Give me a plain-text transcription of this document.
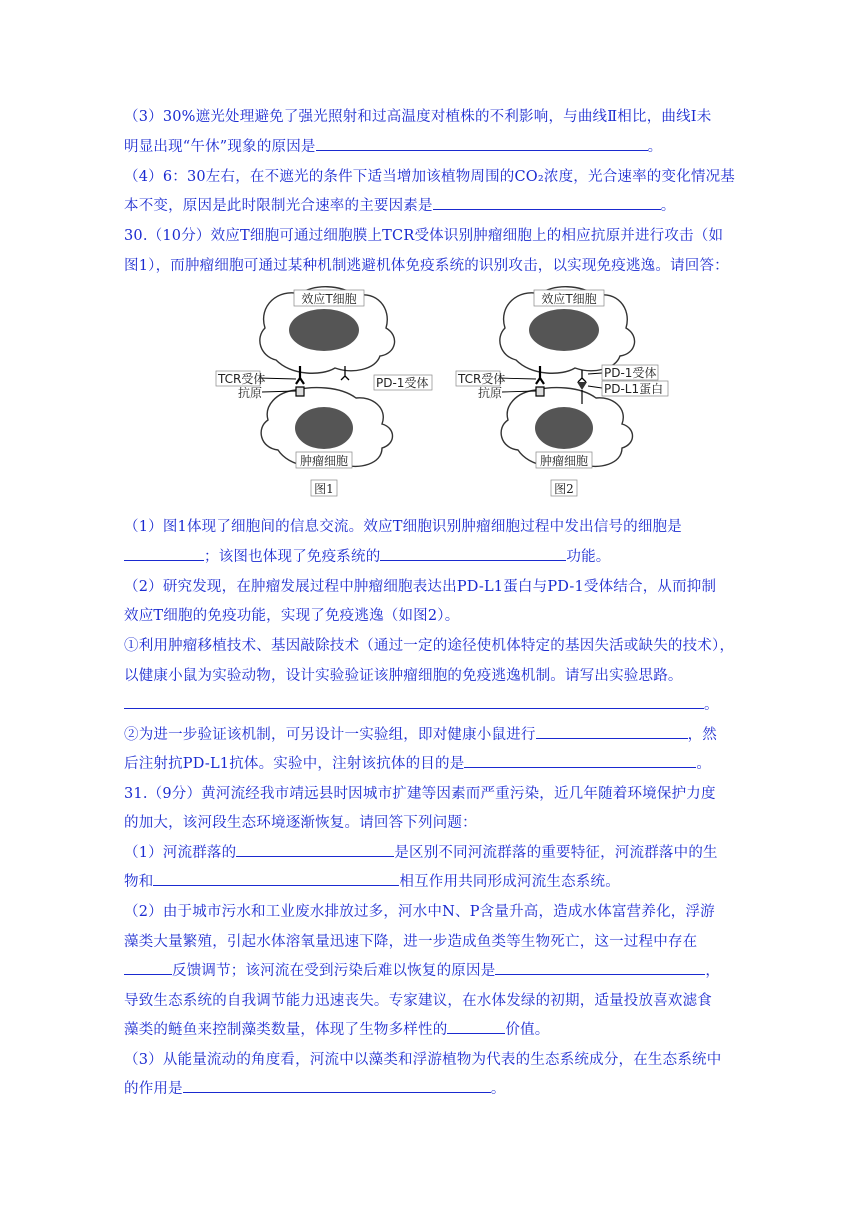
（3）30%遮光处理避免了强光照射和过高温度对植株的不利影响，与曲线Ⅱ相比，曲线Ⅰ未
明显出现“午休”现象的原因是	。
（4）6：30左右，在不遮光的条件下适当增加该植物周围的CO₂浓度，光合速率的变化情况基
本不变，原因是此时限制光合速率的主要因素是	。
30.（10分）效应T细胞可通过细胞膜上TCR受体识别肿瘤细胞上的相应抗原并进行攻击（如
图1），而肿瘤细胞可通过某种机制逃避机体免疫系统的识别攻击，以实现免疫逃逸。请回答：
效应T细胞
肿瘤细胞
TCR受体
抗原
PD-1受体
图1
效应T细胞
肿瘤细胞
TCR受体
抗原
PD-1受体
PD-L1蛋白
图2
（1）图1体现了细胞间的信息交流。效应T细胞识别肿瘤细胞过程中发出信号的细胞是
；该图也体现了免疫系统的	功能。
（2）研究发现，在肿瘤发展过程中肿瘤细胞表达出PD-L1蛋白与PD-1受体结合，从而抑制
效应T细胞的免疫功能，实现了免疫逃逸（如图2）。
①利用肿瘤移植技术、基因敲除技术（通过一定的途径使机体特定的基因失活或缺失的技术），
以健康小鼠为实验动物，设计实验验证该肿瘤细胞的免疫逃逸机制。请写出实验思路。
。
②为进一步验证该机制，可另设计一实验组，即对健康小鼠进行	，然
后注射抗PD-L1抗体。实验中，注射该抗体的目的是	。
31.（9分）黄河流经我市靖远县时因城市扩建等因素而严重污染，近几年随着环境保护力度
的加大，该河段生态环境逐渐恢复。请回答下列问题：
（1）河流群落的	是区别不同河流群落的重要特征，河流群落中的生
物和	相互作用共同形成河流生态系统。
（2）由于城市污水和工业废水排放过多，河水中N、P含量升高，造成水体富营养化，浮游
藻类大量繁殖，引起水体溶氧量迅速下降，进一步造成鱼类等生物死亡，这一过程中存在
反馈调节；该河流在受到污染后难以恢复的原因是	，
导致生态系统的自我调节能力迅速丧失。专家建议，在水体发绿的初期，适量投放喜欢滤食
藻类的鲢鱼来控制藻类数量，体现了生物多样性的	价值。
（3）从能量流动的角度看，河流中以藻类和浮游植物为代表的生态系统成分，在生态系统中
的作用是	。
